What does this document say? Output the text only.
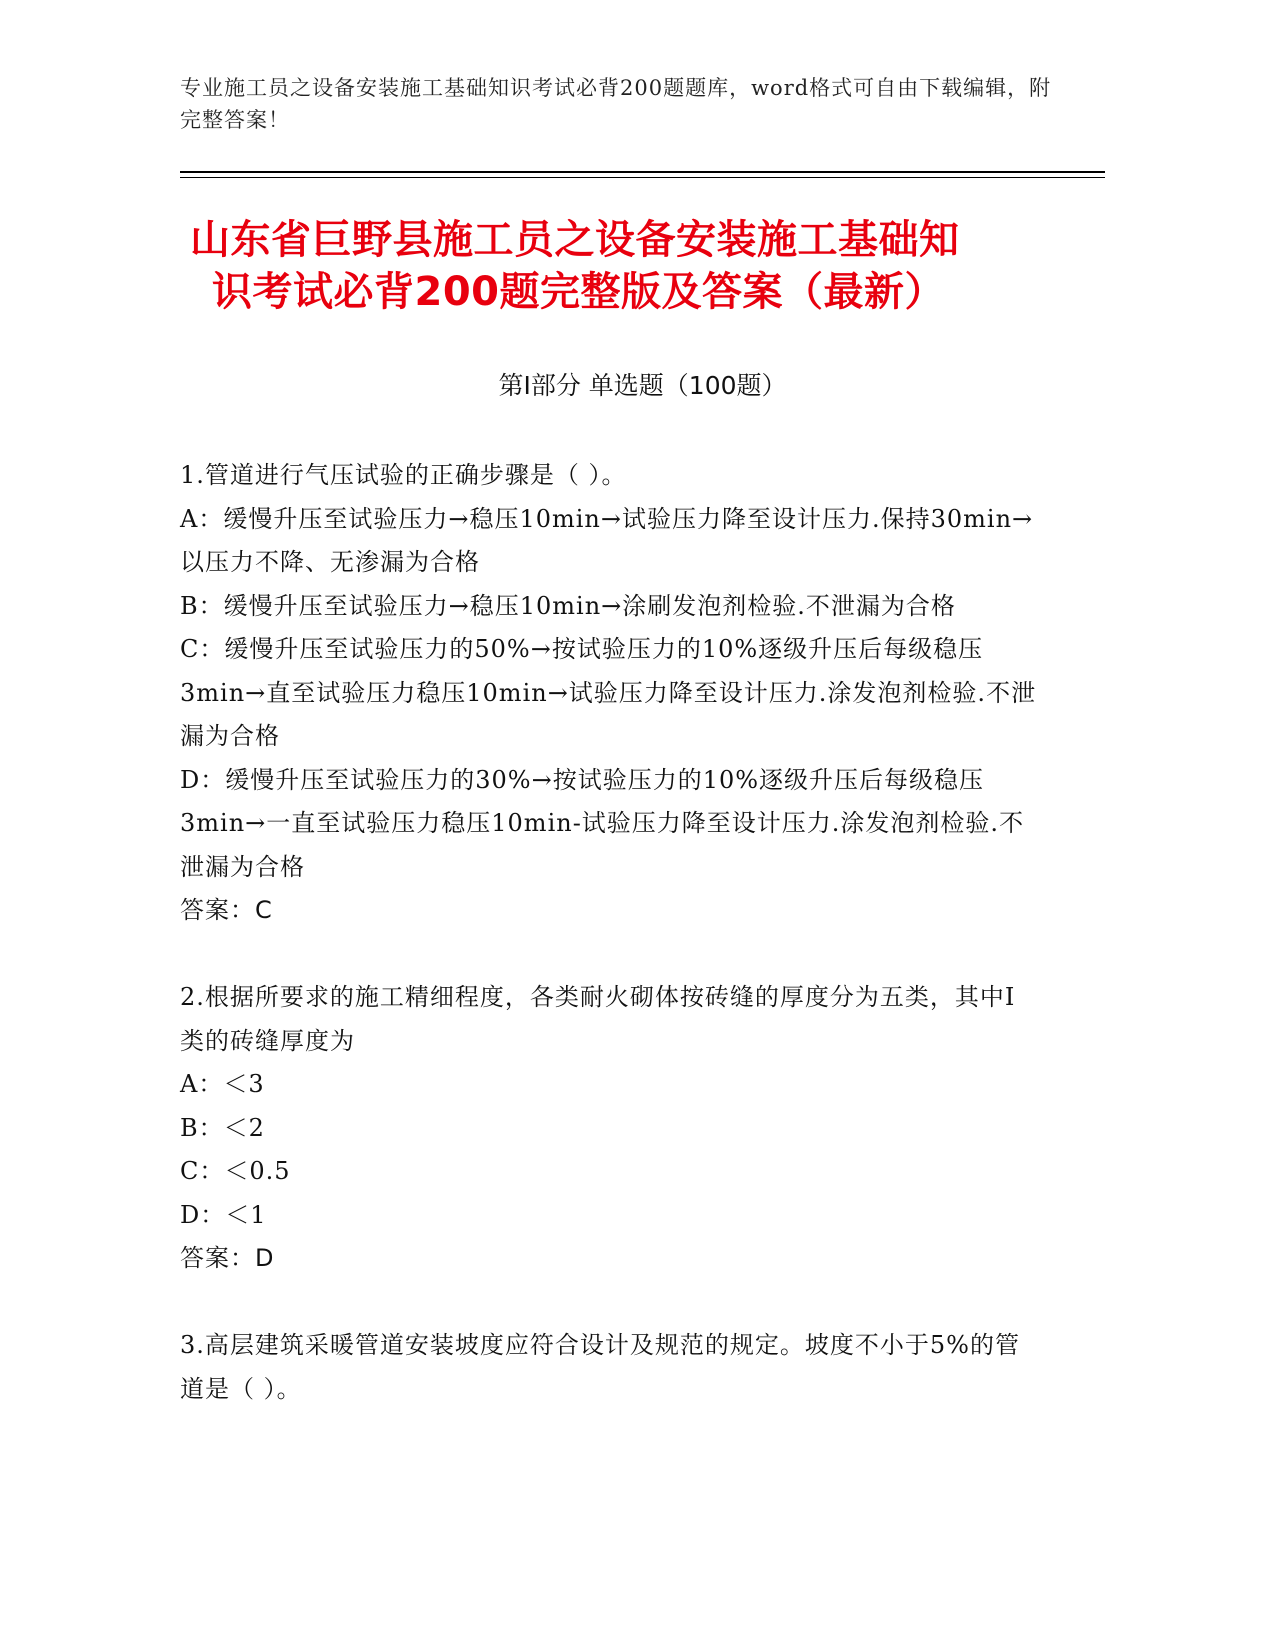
专业施工员之设备安装施工基础知识考试必背200题题库，word格式可自由下载编辑，附完整答案！
山东省巨野县施工员之设备安装施工基础知
识考试必背200题完整版及答案（最新）
第Ⅰ部分 单选题（100题）

1.管道进行气压试验的正确步骤是（ ）。

A：缓慢升压至试验压力→稳压10min→试验压力降至设计压力.保持30min→以压力不降、无渗漏为合格

B：缓慢升压至试验压力→稳压10min→涂刷发泡剂检验.不泄漏为合格

C：缓慢升压至试验压力的50%→按试验压力的10%逐级升压后每级稳压3min→直至试验压力稳压10min→试验压力降至设计压力.涂发泡剂检验.不泄漏为合格

D：缓慢升压至试验压力的30%→按试验压力的10%逐级升压后每级稳压3min→一直至试验压力稳压10min-试验压力降至设计压力.涂发泡剂检验.不泄漏为合格

答案：C

2.根据所要求的施工精细程度，各类耐火砌体按砖缝的厚度分为五类，其中Ⅰ类的砖缝厚度为

A：＜3

B：＜2

C：＜0.5

D：＜1

答案：D

3.高层建筑采暖管道安装坡度应符合设计及规范的规定。坡度不小于5%的管道是（ ）。
